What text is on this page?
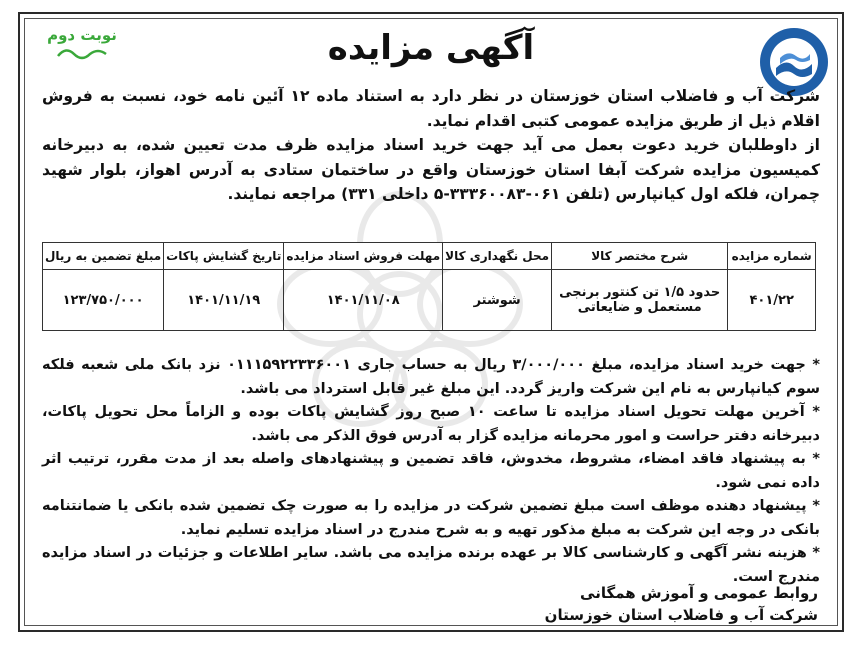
نوبت دوم	آگهی مزایده

شرکت آب و فاضلاب استان خوزستان در نظر دارد به استناد ماده ۱۲ آئین نامه خود، نسبت به فروش اقلام ذیل از طریق مزایده عمومی کتبی اقدام نماید.

از داوطلبان خرید دعوت بعمل می آید جهت خرید اسناد مزایده ظرف مدت تعیین شده، به دبیرخانه کمیسیون مزایده شرکت آبفا استان خوزستان واقع در ساختمان ستادی به آدرس اهواز، بلوار شهید چمران، فلکه اول کیانپارس (تلفن ۰۶۱-۳۳۳۶۰۰۸۳-۵ داخلی ۳۳۱) مراجعه نمایند.

شماره مزایده	شرح مختصر کالا	محل نگهداری کالا	مهلت فروش اسناد مزایده	تاریخ گشایش پاکات	مبلغ تضمین به ریال
۴۰۱/۲۲	حدود ۱/۵ تن کنتور برنجی مستعمل و ضایعاتی	شوشتر	۱۴۰۱/۱۱/۰۸	۱۴۰۱/۱۱/۱۹	۱۲۳/۷۵۰/۰۰۰

* جهت خرید اسناد مزایده، مبلغ ۳/۰۰۰/۰۰۰ ریال به حساب جاری ۰۱۱۱۵۹۲۲۳۳۶۰۰۱ نزد بانک ملی شعبه فلکه سوم کیانپارس به نام این شرکت واریز گردد. این مبلغ غیر قابل استرداد می باشد.

* آخرین مهلت تحویل اسناد مزایده تا ساعت ۱۰ صبح روز گشایش پاکات بوده و الزاماً محل تحویل پاکات، دبیرخانه دفتر حراست و امور محرمانه مزایده گزار به آدرس فوق الذکر می باشد.

* به پیشنهاد فاقد امضاء، مشروط، مخدوش، فاقد تضمین و پیشنهادهای واصله بعد از مدت مقرر، ترتیب اثر داده نمی شود.

* پیشنهاد دهنده موظف است مبلغ تضمین شرکت در مزایده را به صورت چک تضمین شده بانکی یا ضمانتنامه بانکی در وجه این شرکت به مبلغ مذکور تهیه و به شرح مندرج در اسناد مزایده تسلیم نماید.

* هزینه نشر آگهی و کارشناسی کالا بر عهده برنده مزایده می باشد. سایر اطلاعات و جزئیات در اسناد مزایده مندرج است.

روابط عمومی و آموزش همگانی
شرکت آب و فاضلاب استان خوزستان
